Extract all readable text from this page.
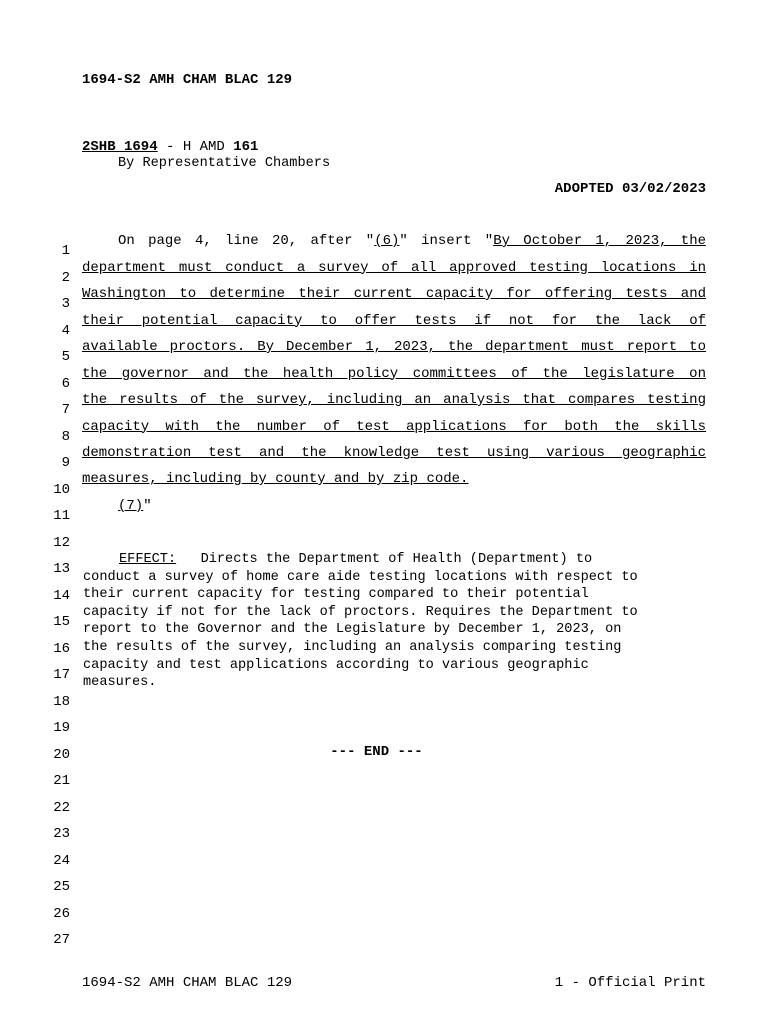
1694-S2 AMH CHAM BLAC 129
2SHB 1694 - H AMD 161
By Representative Chambers
ADOPTED 03/02/2023
1
2
3
4
5
6
7
8
9
10
11
12
13
14
15
16
17
18
19
20
21
22
23
24
25
26
27
On page 4, line 20, after "(6)" insert "By October 1, 2023, the
department must conduct a survey of all approved testing locations in
Washington to determine their current capacity for offering tests and
their potential capacity to offer tests if not for the lack of
available proctors. By December 1, 2023, the department must report to
the governor and the health policy committees of the legislature on
the results of the survey, including an analysis that compares testing
capacity with the number of test applications for both the skills
demonstration test and the knowledge test using various geographic
measures, including by county and by zip code.
(7)"
EFFECT:   Directs the Department of Health (Department) to
conduct a survey of home care aide testing locations with respect to
their current capacity for testing compared to their potential
capacity if not for the lack of proctors. Requires the Department to
report to the Governor and the Legislature by December 1, 2023, on
the results of the survey, including an analysis comparing testing
capacity and test applications according to various geographic
measures.
--- END ---
1694-S2 AMH CHAM BLAC 129	1 - Official Print
